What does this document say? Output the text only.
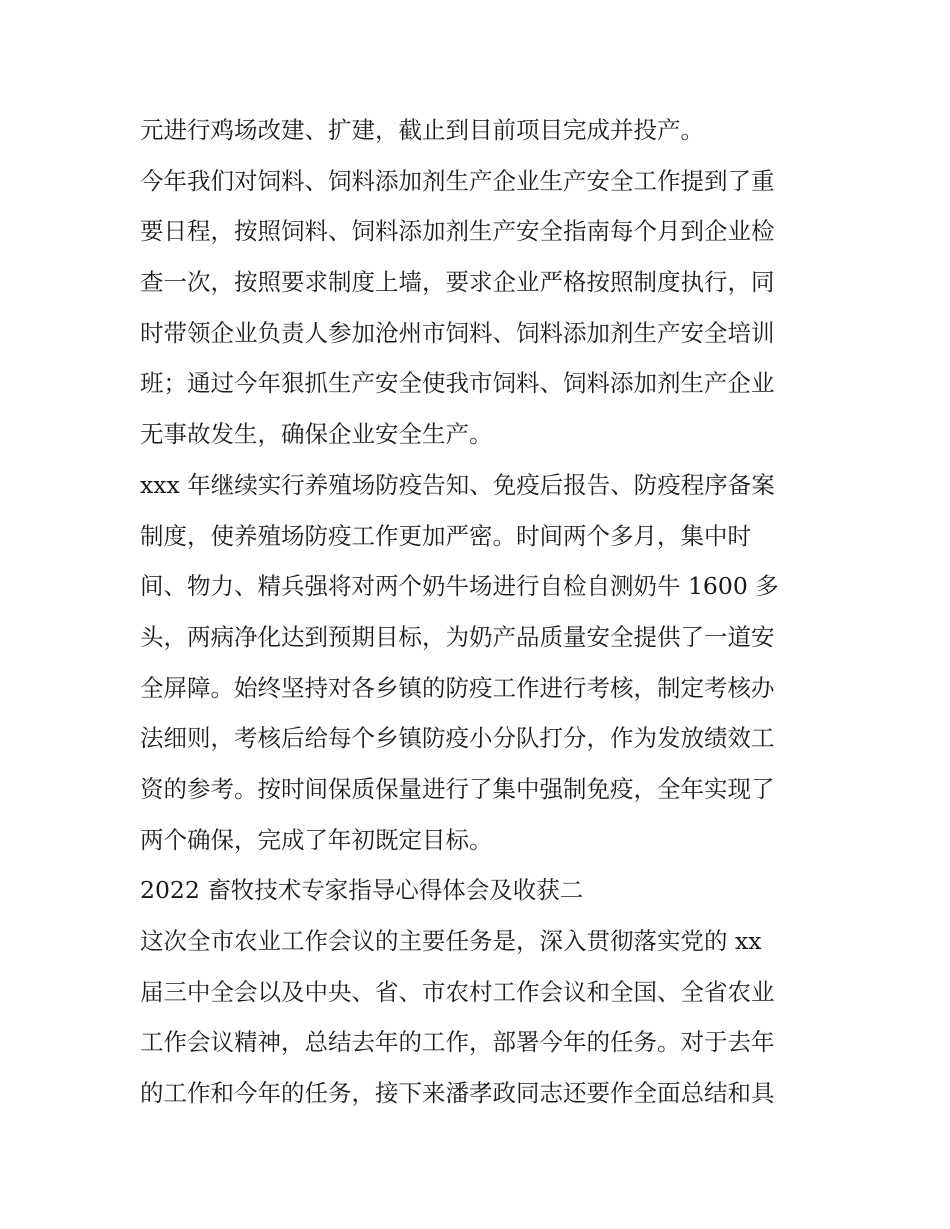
元进行鸡场改建、扩建，截止到目前项目完成并投产。
今年我们对饲料、饲料添加剂生产企业生产安全工作提到了重
要日程，按照饲料、饲料添加剂生产安全指南每个月到企业检
查一次，按照要求制度上墙，要求企业严格按照制度执行，同
时带领企业负责人参加沧州市饲料、饲料添加剂生产安全培训
班；通过今年狠抓生产安全使我市饲料、饲料添加剂生产企业
无事故发生，确保企业安全生产。
xxx 年继续实行养殖场防疫告知、免疫后报告、防疫程序备案
制度，使养殖场防疫工作更加严密。时间两个多月，集中时
间、物力、精兵强将对两个奶牛场进行自检自测奶牛 1600 多
头，两病净化达到预期目标，为奶产品质量安全提供了一道安
全屏障。始终坚持对各乡镇的防疫工作进行考核，制定考核办
法细则，考核后给每个乡镇防疫小分队打分，作为发放绩效工
资的参考。按时间保质保量进行了集中强制免疫，全年实现了
两个确保，完成了年初既定目标。
2022 畜牧技术专家指导心得体会及收获二
这次全市农业工作会议的主要任务是，深入贯彻落实党的 xx
届三中全会以及中央、省、市农村工作会议和全国、全省农业
工作会议精神，总结去年的工作，部署今年的任务。对于去年
的工作和今年的任务，接下来潘孝政同志还要作全面总结和具
